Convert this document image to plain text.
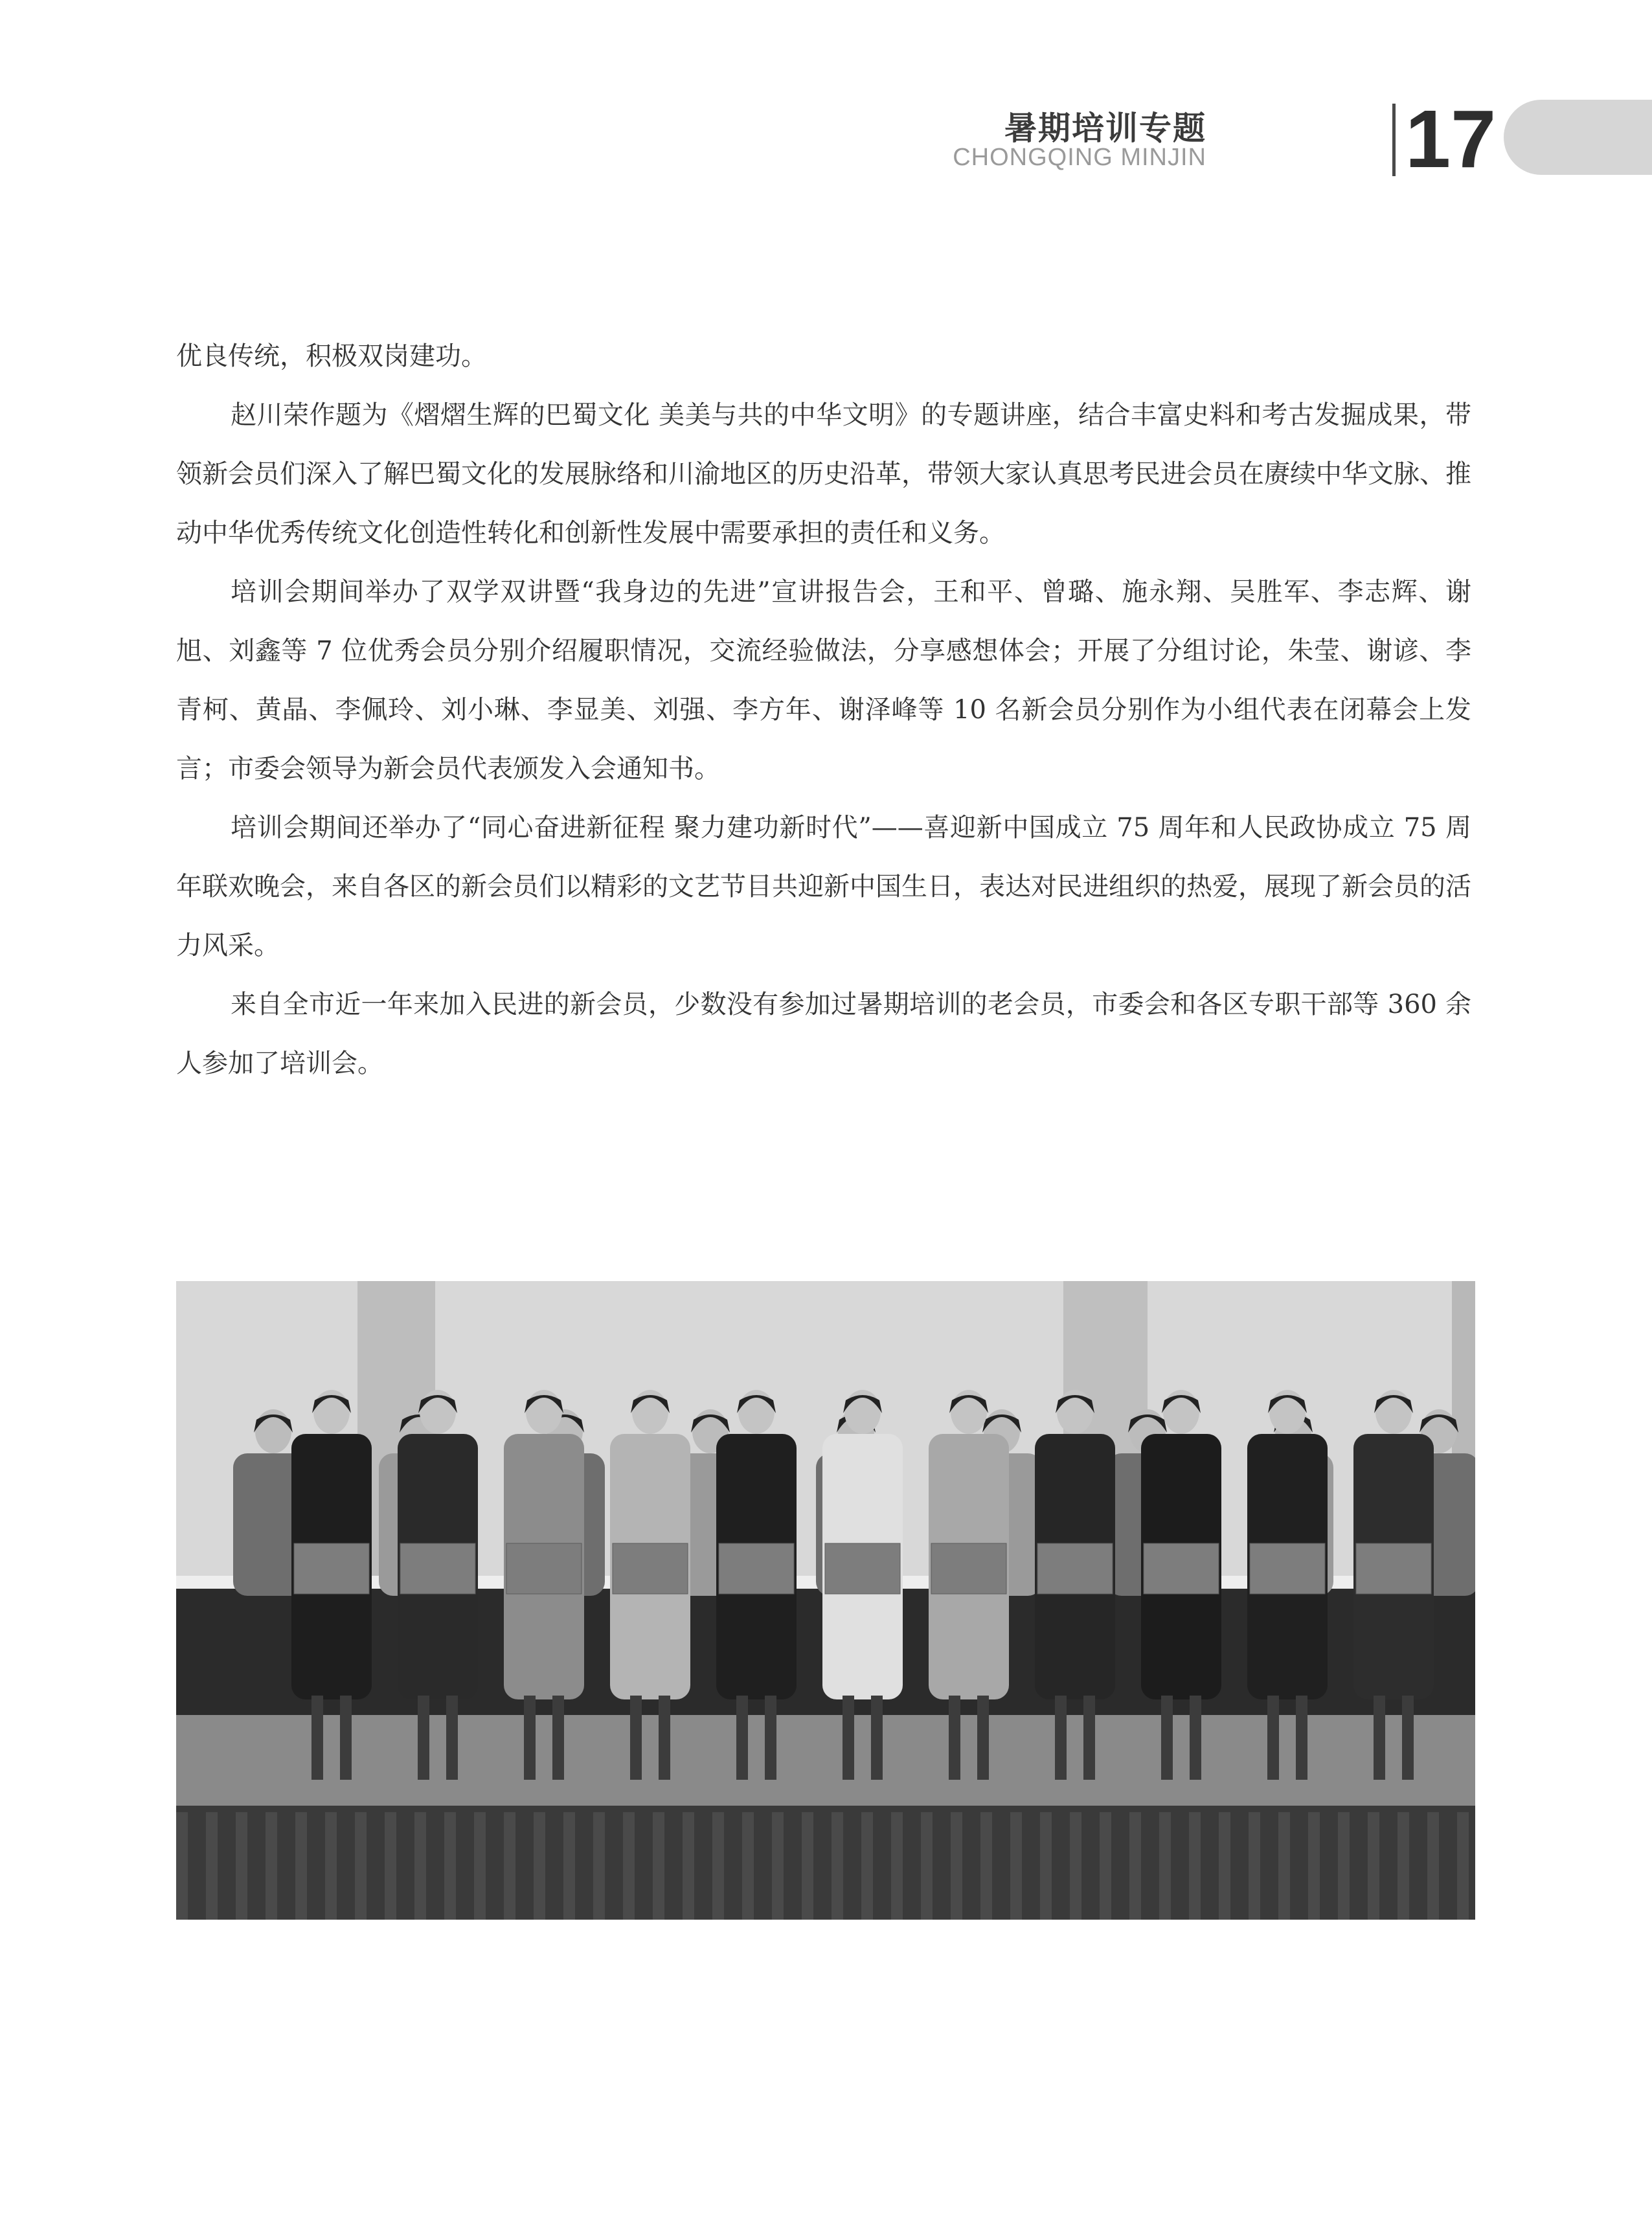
暑期培训专题
CHONGQING MINJIN 17

优良传统，积极双岗建功。

赵川荣作题为《熠熠生辉的巴蜀文化 美美与共的中华文明》的专题讲座，结合丰富史料和考古发掘成果，带领新会员们深入了解巴蜀文化的发展脉络和川渝地区的历史沿革，带领大家认真思考民进会员在赓续中华文脉、推动中华优秀传统文化创造性转化和创新性发展中需要承担的责任和义务。

培训会期间举办了双学双讲暨“我身边的先进”宣讲报告会，王和平、曾璐、施永翔、吴胜军、李志辉、谢旭、刘鑫等 7 位优秀会员分别介绍履职情况，交流经验做法，分享感想体会；开展了分组讨论，朱莹、谢谚、李青柯、黄晶、李佩玲、刘小琳、李显美、刘强、李方年、谢泽峰等 10 名新会员分别作为小组代表在闭幕会上发言；市委会领导为新会员代表颁发入会通知书。

培训会期间还举办了“同心奋进新征程 聚力建功新时代”——喜迎新中国成立 75 周年和人民政协成立 75 周年联欢晚会，来自各区的新会员们以精彩的文艺节目共迎新中国生日，表达对民进组织的热爱，展现了新会员的活力风采。

来自全市近一年来加入民进的新会员，少数没有参加过暑期培训的老会员，市委会和各区专职干部等 360 余人参加了培训会。
